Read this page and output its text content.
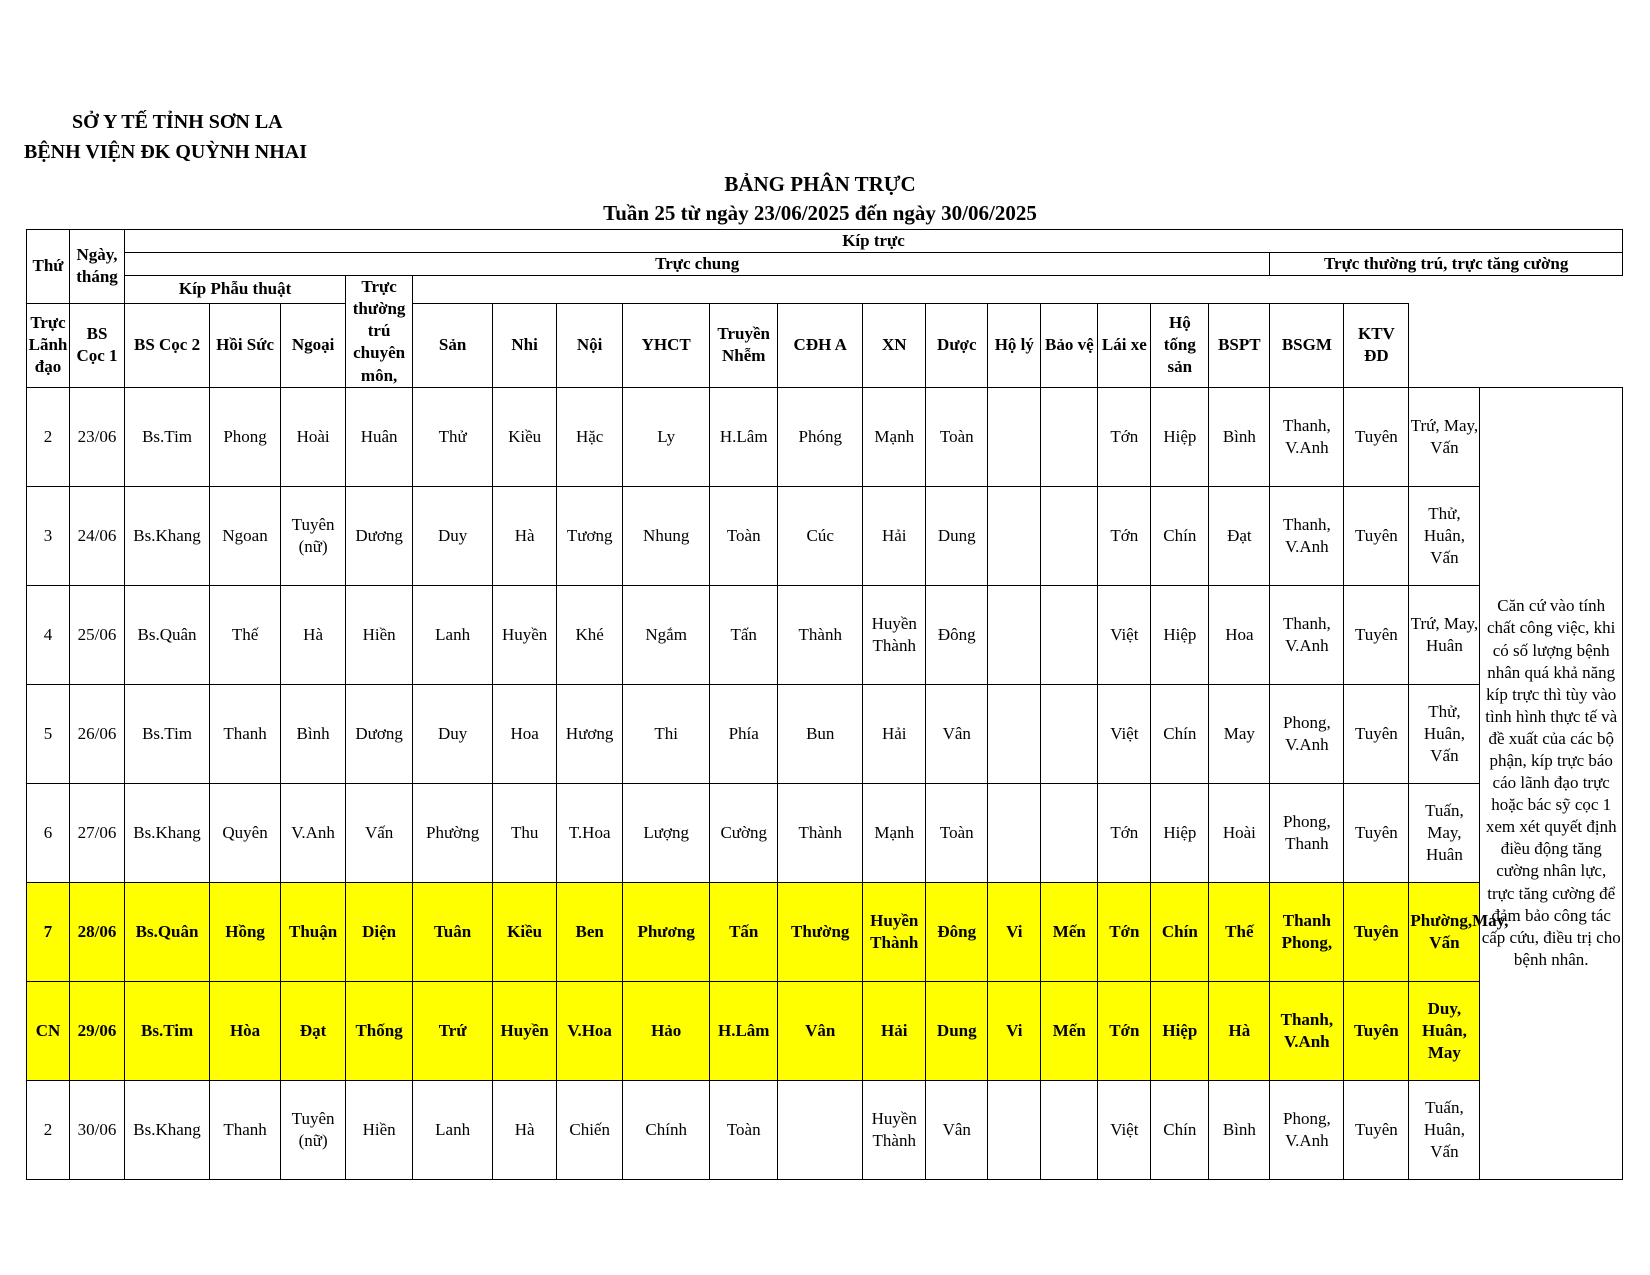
SỞ Y TẾ TỈNH SƠN LA
BỆNH VIỆN ĐK QUỲNH NHAI
BẢNG PHÂN TRỰC
Tuần 25 từ ngày 23/06/2025 đến ngày 30/06/2025
Thứ	Ngày, tháng	Kíp trực																				
		Trực chung																	Trực thường trú, trực tăng cường			
		Kíp Phẫu thuật			Trực thường trú chuyên môn,																	
Trực Lãnh đạo	BS Cọc 1	BS Cọc 2	Hồi Sức	Ngoại		Sản	Nhi	Nội	YHCT	Truyền Nhễm	CĐH A	XN	Dược	Hộ lý	Bảo vệ	Lái xe	Hộ tống sản	BSPT	BSGM	KTV ĐD		
2	23/06	Bs.Tim	Phong	Hoài	Huân	Thử	Kiều	Hặc	Ly	H.Lâm	Phóng	Mạnh	Toàn			Tớn	Hiệp	Bình	Thanh, V.Anh	Tuyên	Trứ, May, Vấn	Căn cứ vào tính chất công việc, khi có số lượng bệnh nhân quá khả năng kíp trực thì tùy vào tình hình thực tế và đề xuất của các bộ phận, kíp trực báo cáo lãnh đạo trực hoặc bác sỹ cọc 1 xem xét quyết định điều động tăng cường nhân lực, trực tăng cường để đảm bảo công tác cấp cứu, điều trị cho bệnh nhân.
3	24/06	Bs.Khang	Ngoan	Tuyên (nữ)	Dương	Duy	Hà	Tương	Nhung	Toàn	Cúc	Hải	Dung			Tớn	Chín	Đạt	Thanh, V.Anh	Tuyên	Thử, Huân, Vấn	
4	25/06	Bs.Quân	Thế	Hà	Hiền	Lanh	Huyền	Khé	Ngắm	Tấn	Thành	Huyền Thành	Đông			Việt	Hiệp	Hoa	Thanh, V.Anh	Tuyên	Trứ, May, Huân	
5	26/06	Bs.Tim	Thanh	Bình	Dương	Duy	Hoa	Hương	Thi	Phía	Bun	Hải	Vân			Việt	Chín	May	Phong, V.Anh	Tuyên	Thử, Huân, Vấn	
6	27/06	Bs.Khang	Quyên	V.Anh	Vấn	Phường	Thu	T.Hoa	Lượng	Cường	Thành	Mạnh	Toàn			Tớn	Hiệp	Hoài	Phong, Thanh	Tuyên	Tuấn, May, Huân	
7	28/06	Bs.Quân	Hồng	Thuận	Diện	Tuân	Kiều	Ben	Phương	Tấn	Thường	Huyền Thành	Đông	Vi	Mến	Tớn	Chín	Thế	Thanh Phong,	Tuyên	Phường,May, Vấn	
CN	29/06	Bs.Tim	Hòa	Đạt	Thống	Trứ	Huyền	V.Hoa	Hảo	H.Lâm	Vân	Hải	Dung	Vi	Mến	Tớn	Hiệp	Hà	Thanh, V.Anh	Tuyên	Duy, Huân, May	
2	30/06	Bs.Khang	Thanh	Tuyên (nữ)	Hiền	Lanh	Hà	Chiến	Chính	Toàn		Huyền Thành	Vân			Việt	Chín	Bình	Phong, V.Anh	Tuyên	Tuấn, Huân, Vấn	
